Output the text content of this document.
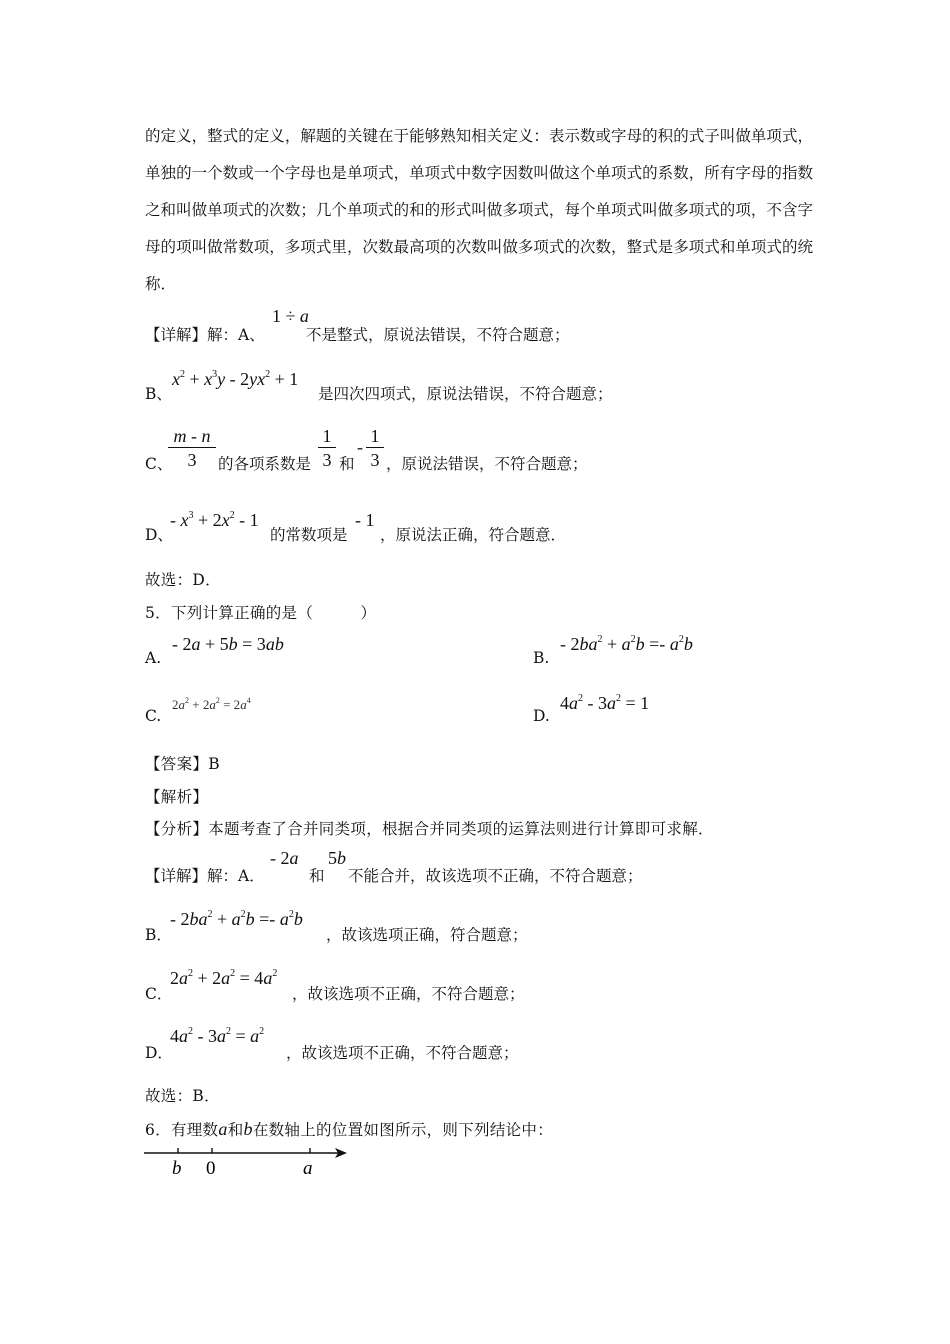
的定义，整式的定义，解题的关键在于能够熟知相关定义：表示数或字母的积的式子叫做单项式，单独的一个数或一个字母也是单项式，单项式中数字因数叫做这个单项式的系数，所有字母的指数之和叫做单项式的次数；几个单项式的和的形式叫做多项式，每个单项式叫做多项式的项，不含字母的项叫做常数项，多项式里，次数最高项的次数叫做多项式的次数，整式是多项式和单项式的统称．
【详解】解：A、
1 ÷ a
不是整式，原说法错误，不符合题意；
B、
$x^2 + x^3y - 2yx^2 + 1$
是四次四项式，原说法错误，不符合题意；
C、
$\frac{m - n}{3}$ 的各项系数是 $\frac{1}{3}$ 和
- $\frac{1}{3}$ ，原说法错误，不符合题意；
D、
- $x^3 + 2x^2 - 1$
的常数项是
- 1
，原说法正确，符合题意．
故选：D．
5．下列计算正确的是（　　　）
A.
- 2a + 5b = 3ab
B.
- $2ba^2 + a^2b =- a^2b$
C.
$2a^2 + 2a^2 = 2a^4$
D.
$4a^2 - 3a^2 = 1$
【答案】B
【解析】
【分析】本题考查了合并同类项，根据合并同类项的运算法则进行计算即可求解．
【详解】解：A．
- 2a
和
5b
不能合并，故该选项不正确，不符合题意；
B．
- $2ba^2 + a^2b =- a^2b$
，故该选项正确，符合题意；
C．
$2a^2 + 2a^2 = 4a^2$
，故该选项不正确，不符合题意；
D．
$4a^2 - 3a^2 = a^2$
，故该选项不正确，不符合题意；
故选：B．
6．有理数a和b在数轴上的位置如图所示，则下列结论中：
b 0	a
